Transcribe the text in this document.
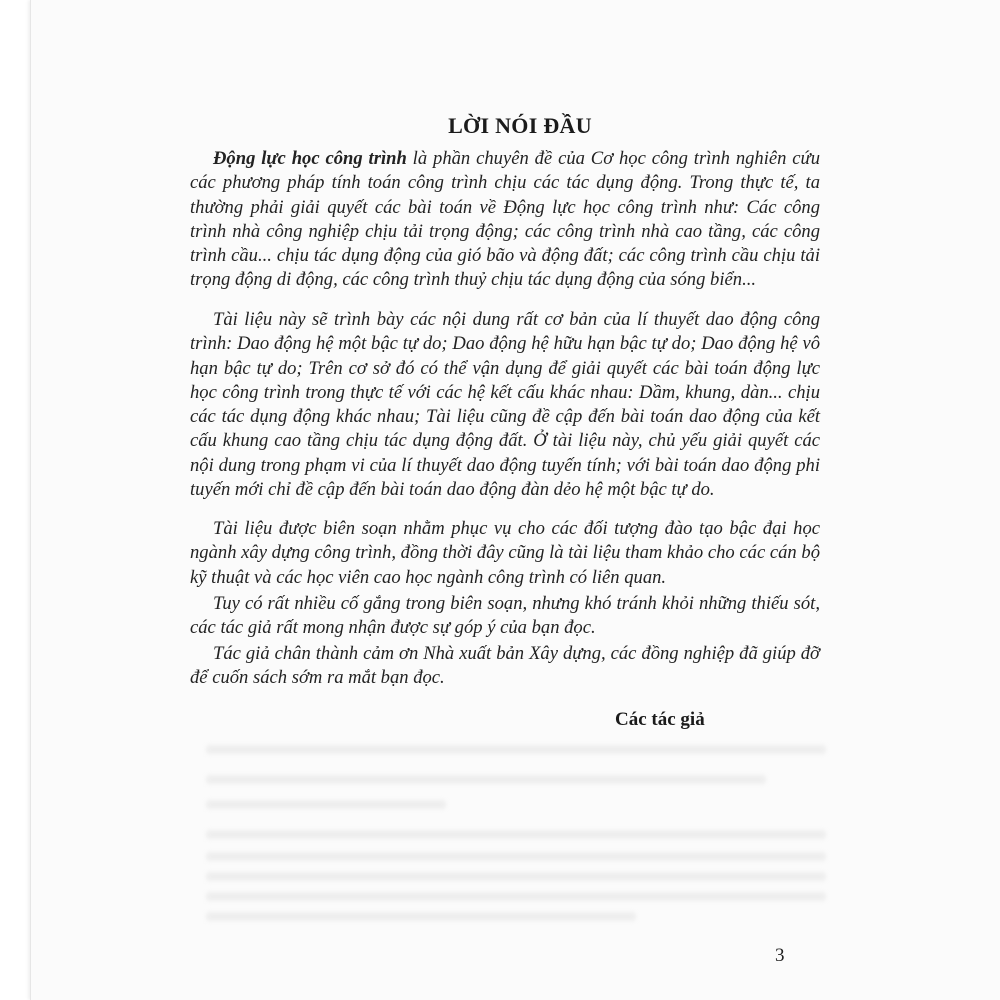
LỜI NÓI ĐẦU

Động lực học công trình là phần chuyên đề của Cơ học công trình nghiên cứu các phương pháp tính toán công trình chịu các tác dụng động. Trong thực tế, ta thường phải giải quyết các bài toán về Động lực học công trình như: Các công trình nhà công nghiệp chịu tải trọng động; các công trình nhà cao tầng, các công trình cầu... chịu tác dụng động của gió bão và động đất; các công trình cầu chịu tải trọng động di động, các công trình thuỷ chịu tác dụng động của sóng biển...

Tài liệu này sẽ trình bày các nội dung rất cơ bản của lí thuyết dao động công trình: Dao động hệ một bậc tự do; Dao động hệ hữu hạn bậc tự do; Dao động hệ vô hạn bậc tự do; Trên cơ sở đó có thể vận dụng để giải quyết các bài toán động lực học công trình trong thực tế với các hệ kết cấu khác nhau: Dầm, khung, dàn... chịu các tác dụng động khác nhau; Tài liệu cũng đề cập đến bài toán dao động của kết cấu khung cao tầng chịu tác dụng động đất. Ở tài liệu này, chủ yếu giải quyết các nội dung trong phạm vi của lí thuyết dao động tuyến tính; với bài toán dao động phi tuyến mới chỉ đề cập đến bài toán dao động đàn dẻo hệ một bậc tự do.

Tài liệu được biên soạn nhằm phục vụ cho các đối tượng đào tạo bậc đại học ngành xây dựng công trình, đồng thời đây cũng là tài liệu tham khảo cho các cán bộ kỹ thuật và các học viên cao học ngành công trình có liên quan.

Tuy có rất nhiều cố gắng trong biên soạn, nhưng khó tránh khỏi những thiếu sót, các tác giả rất mong nhận được sự góp ý của bạn đọc.

Tác giả chân thành cảm ơn Nhà xuất bản Xây dựng, các đồng nghiệp đã giúp đỡ để cuốn sách sớm ra mắt bạn đọc.

Các tác giả
3
